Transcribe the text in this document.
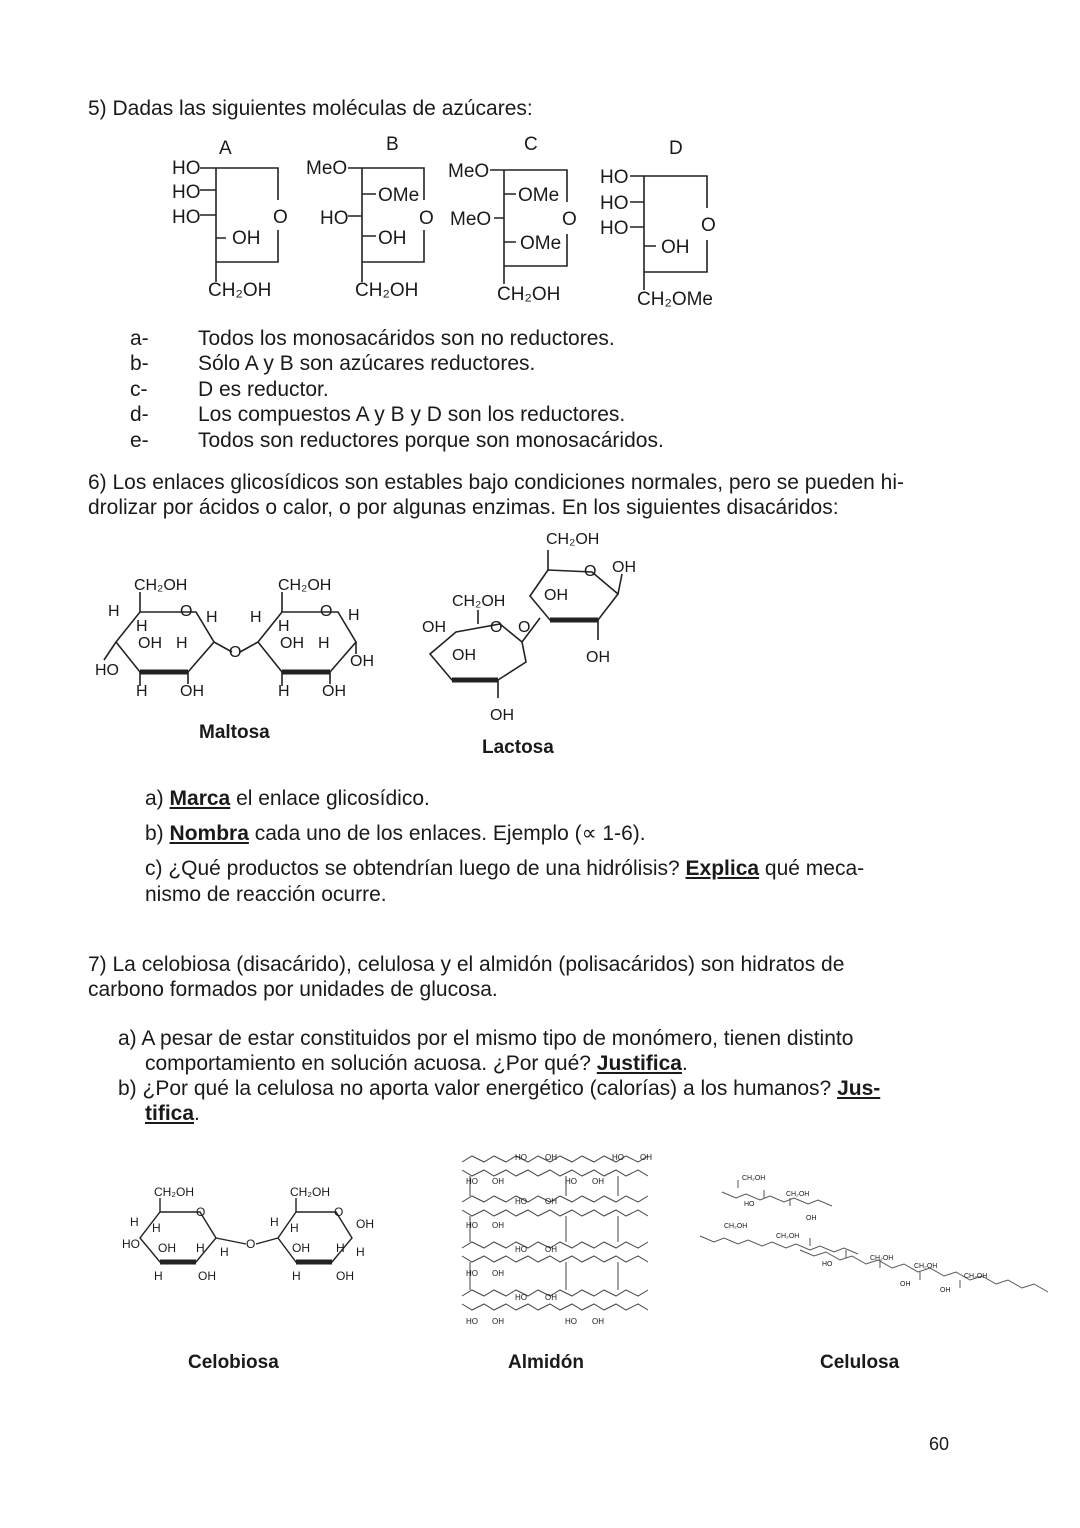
5) Dadas las siguientes moléculas de azúcares:
A
HO
HO
HO
OH
O
CH₂OH
B
MeO
OMe
HO
OH
O
CH₂OH
C
MeO
OMe
MeO
OMe
O
CH₂OH
D
HO
HO
HO
OH
O
CH₂OMe
a-	Todos los monosacáridos son no reductores.
b-	Sólo A y B son azúcares reductores.
c-	D es reductor.
d-	Los compuestos A y B y D son los reductores.
e-	Todos son reductores porque son monosacáridos.
6) Los enlaces glicosídicos son estables bajo condiciones normales, pero se pueden hi-
drolizar por ácidos o calor, o por algunas enzimas. En los siguientes disacáridos:
CH₂OH
H
H
O H
OH H
HO
H OH
O
CH₂OH
H
H
O H
OH H
OH
H OH
Maltosa
CH₂OH
O OH
OH
OH
CH₂OH
OH	O O
OH
OH
Lactosa
a) Marca el enlace glicosídico.
b) Nombra cada uno de los enlaces. Ejemplo (∝ 1-6).
c) ¿Qué productos se obtendrían luego de una hidrólisis? Explica qué meca-
nismo de reacción ocurre.
7) La celobiosa (disacárido), celulosa y el almidón (polisacáridos) son hidratos de
carbono formados por unidades de glucosa.
a) A pesar de estar constituidos por el mismo tipo de monómero, tienen distinto
comportamiento en solución acuosa. ¿Por qué? Justifica.
b) ¿Por qué la celulosa no aporta valor energético (calorías) a los humanos? Jus-
tifica.
CH₂OH
O
H H
HO OH H H
H	OH
O
CH₂OH
O
OH
H H
OH H H
H	OH
HO OH	HO OH
HO OH	HO OH
HO OH
HO OH
HO OH
HO OH
HO OH
HO OH	HO OH
CH₂OH
CH₂OH
CH₂OH
CH₂OH
CH₂OH
CH₂OH
CH₂OH
HO
OH
HO
OH
OH
Celobiosa	Almidón	Celulosa
60
